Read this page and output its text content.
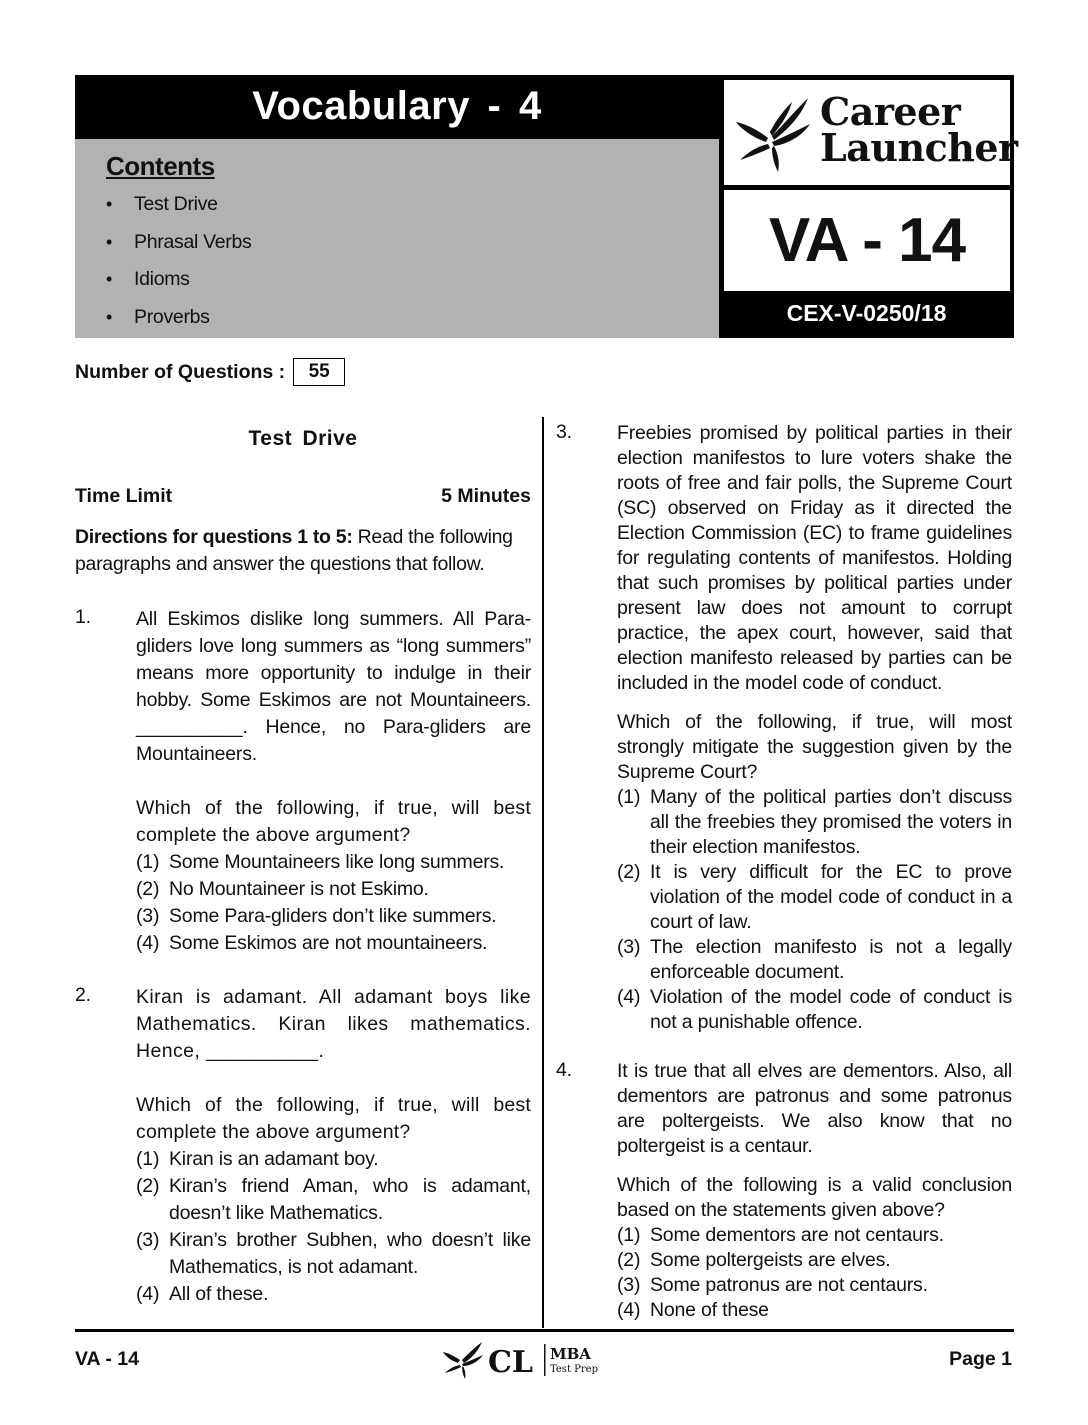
Vocabulary - 4
Contents
•	Test Drive
•	Phrasal Verbs
•	Idioms
•	Proverbs
Career
Launcher
VA - 14
CEX-V-0250/18
Number of Questions :	55
Test Drive
Time Limit	5 Minutes
Directions for questions 1 to 5: Read the following paragraphs and answer the questions that follow.
1.	All Eskimos dislike long summers. All Para-gliders love long summers as “long summers” means more opportunity to indulge in their hobby. Some Eskimos are not Mountaineers. __________. Hence, no Para-gliders are Mountaineers.

Which of the following, if true, will best complete the above argument?

(1) Some Mountaineers like long summers.
(2) No Mountaineer is not Eskimo.
(3) Some Para-gliders don’t like summers.
(4) Some Eskimos are not mountaineers.
2.	Kiran is adamant. All adamant boys like Mathematics. Kiran likes mathematics. Hence, __________.

Which of the following, if true, will best complete the above argument?

(1) Kiran is an adamant boy.
(2) Kiran’s friend Aman, who is adamant, doesn’t like Mathematics.
(3) Kiran’s brother Subhen, who doesn’t like Mathematics, is not adamant.
(4) All of these.
3.	Freebies promised by political parties in their election manifestos to lure voters shake the roots of free and fair polls, the Supreme Court (SC) observed on Friday as it directed the Election Commission (EC) to frame guidelines for regulating contents of manifestos. Holding that such promises by political parties under present law does not amount to corrupt practice, the apex court, however, said that election manifesto released by parties can be included in the model code of conduct.

Which of the following, if true, will most strongly mitigate the suggestion given by the Supreme Court?

(1) Many of the political parties don’t discuss all the freebies they promised the voters in their election manifestos.
(2) It is very difficult for the EC to prove violation of the model code of conduct in a court of law.
(3) The election manifesto is not a legally enforceable document.
(4) Violation of the model code of conduct is not a punishable offence.
4.	It is true that all elves are dementors. Also, all dementors are patronus and some patronus are poltergeists. We also know that no poltergeist is a centaur.

Which of the following is a valid conclusion based on the statements given above?

(1) Some dementors are not centaurs.
(2) Some poltergeists are elves.
(3) Some patronus are not centaurs.
(4) None of these
VA - 14	CL MBA
Test Prep	Page 1
